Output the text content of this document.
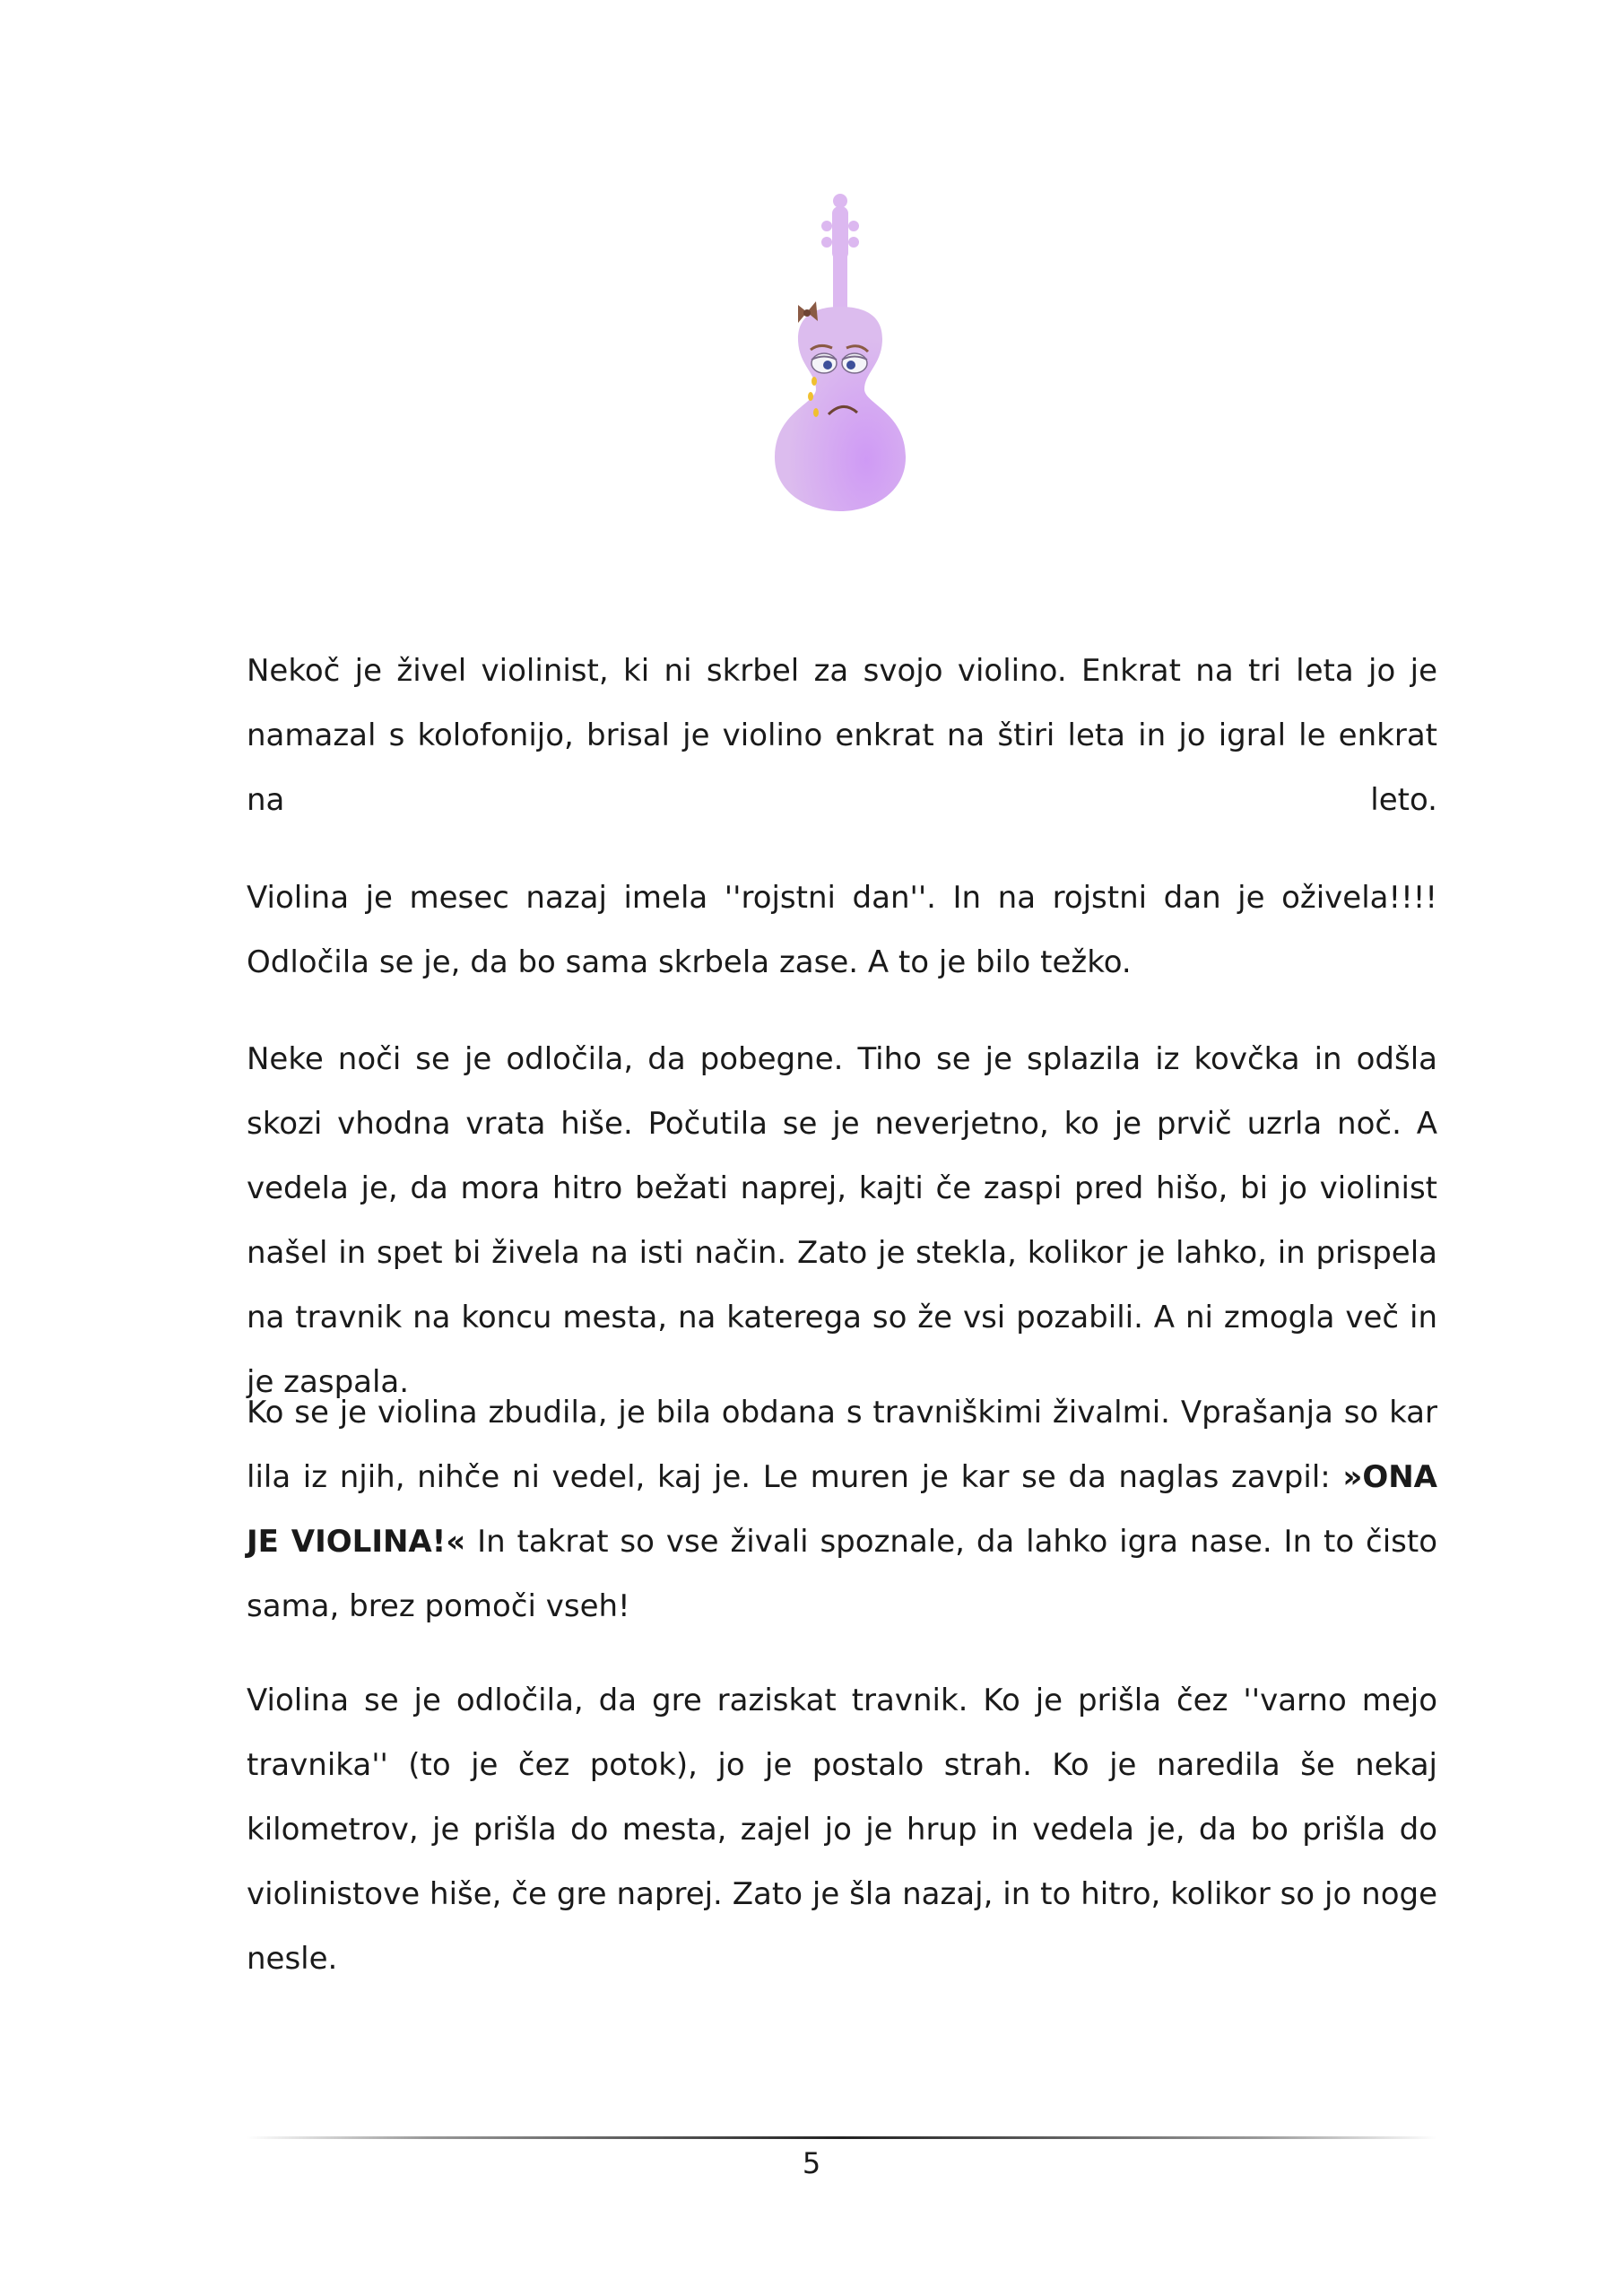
Nekoč je živel violinist, ki ni skrbel za svojo violino. Enkrat na tri leta jo je namazal s kolofonijo, brisal je violino enkrat na štiri leta in jo igral le enkrat na leto.

Violina je mesec nazaj imela ''rojstni dan''. In na rojstni dan je oživela!!!! Odločila se je, da bo sama skrbela zase. A to je bilo težko.

Neke noči se je odločila, da pobegne. Tiho se je splazila iz kovčka in odšla skozi vhodna vrata hiše. Počutila se je neverjetno, ko je prvič uzrla noč. A vedela je, da mora hitro bežati naprej, kajti če zaspi pred hišo, bi jo violinist našel in spet bi živela na isti način. Zato je stekla, kolikor je lahko, in prispela na travnik na koncu mesta, na katerega so že vsi pozabili. A ni zmogla več in je zaspala.

Ko se je violina zbudila, je bila obdana s travniškimi živalmi. Vprašanja so kar lila iz njih, nihče ni vedel, kaj je. Le muren je kar se da naglas zavpil: »ONA JE VIOLINA!« In takrat so vse živali spoznale, da lahko igra nase. In to čisto sama, brez pomoči vseh!

Violina se je odločila, da gre raziskat travnik. Ko je prišla čez ''varno mejo travnika'' (to je čez potok), jo je postalo strah. Ko je naredila še nekaj kilometrov, je prišla do mesta, zajel jo je hrup in vedela je, da bo prišla do violinistove hiše, če gre naprej. Zato je šla nazaj, in to hitro, kolikor so jo noge nesle.

5
